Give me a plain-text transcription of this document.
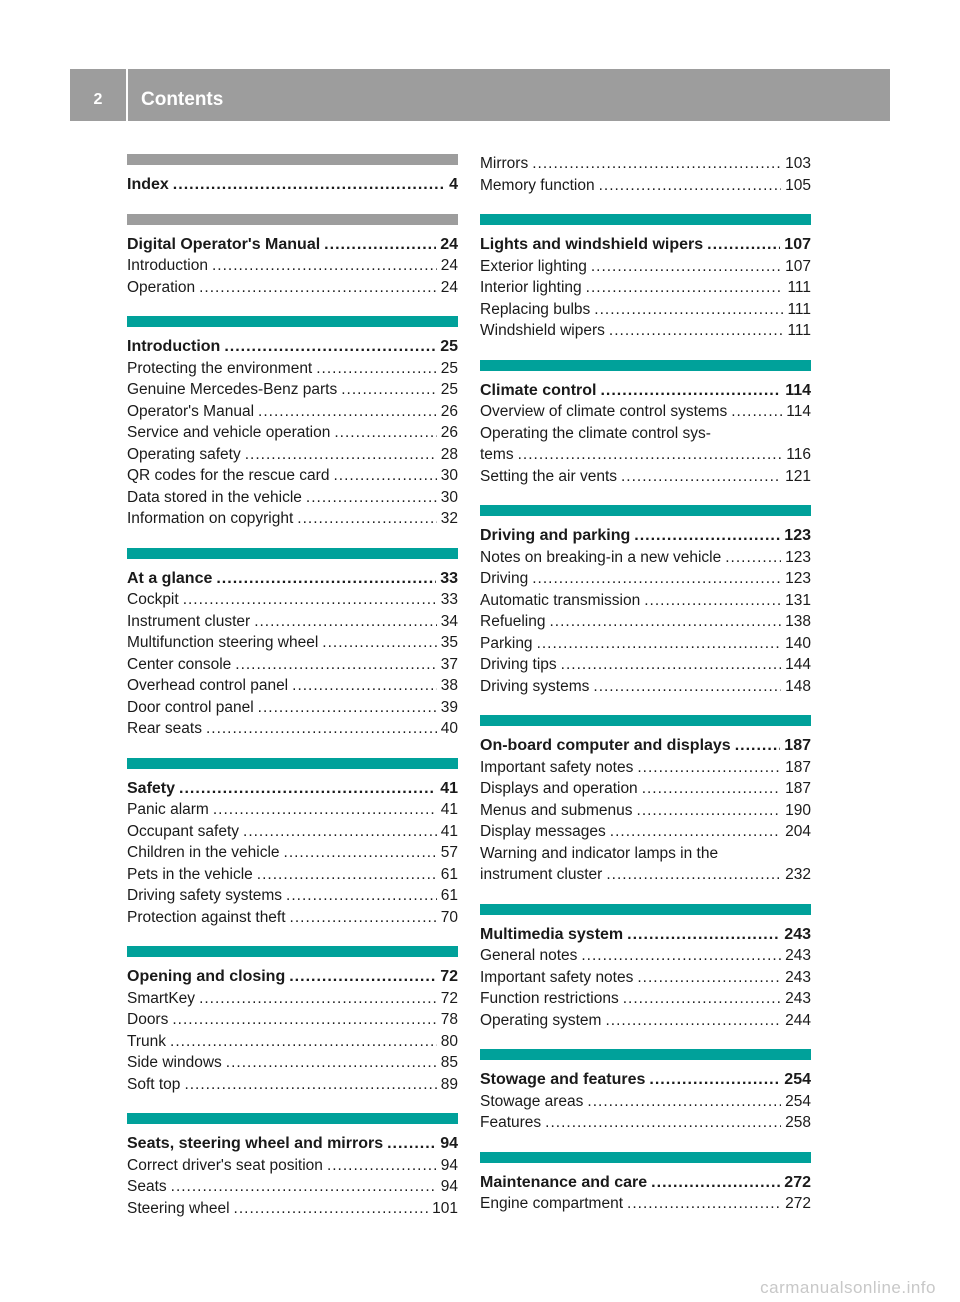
2	Contents
Index .....	4
Digital Operator's Manual .....	24
Introduction .....	24
Operation .....	24
Introduction .....	25
Protecting the environment .....	25
Genuine Mercedes-Benz parts .....	25
Operator's Manual .....	26
Service and vehicle operation .....	26
Operating safety .....	28
QR codes for the rescue card .....	30
Data stored in the vehicle .....	30
Information on copyright .....	32
At a glance .....	33
Cockpit .....	33
Instrument cluster .....	34
Multifunction steering wheel .....	35
Center console .....	37
Overhead control panel .....	38
Door control panel .....	39
Rear seats .....	40
Safety .....	41
Panic alarm .....	41
Occupant safety .....	41
Children in the vehicle .....	57
Pets in the vehicle .....	61
Driving safety systems .....	61
Protection against theft .....	70
Opening and closing .....	72
SmartKey .....	72
Doors .....	78
Trunk .....	80
Side windows .....	85
Soft top .....	89
Seats, steering wheel and mirrors .....	94
Correct driver's seat position .....	94
Seats .....	94
Steering wheel .....	101
Mirrors .....	103
Memory function .....	105
Lights and windshield wipers .....	107
Exterior lighting .....	107
Interior lighting .....	111
Replacing bulbs .....	111
Windshield wipers .....	111
Climate control .....	114
Overview of climate control systems .....	114
Operating the climate control sys-
tems .....	116
Setting the air vents .....	121
Driving and parking .....	123
Notes on breaking-in a new vehicle .....	123
Driving .....	123
Automatic transmission .....	131
Refueling .....	138
Parking .....	140
Driving tips .....	144
Driving systems .....	148
On-board computer and displays .....	187
Important safety notes .....	187
Displays and operation .....	187
Menus and submenus .....	190
Display messages .....	204
Warning and indicator lamps in the
instrument cluster .....	232
Multimedia system .....	243
General notes .....	243
Important safety notes .....	243
Function restrictions .....	243
Operating system .....	244
Stowage and features .....	254
Stowage areas .....	254
Features .....	258
Maintenance and care .....	272
Engine compartment .....	272
carmanualsonline.info
